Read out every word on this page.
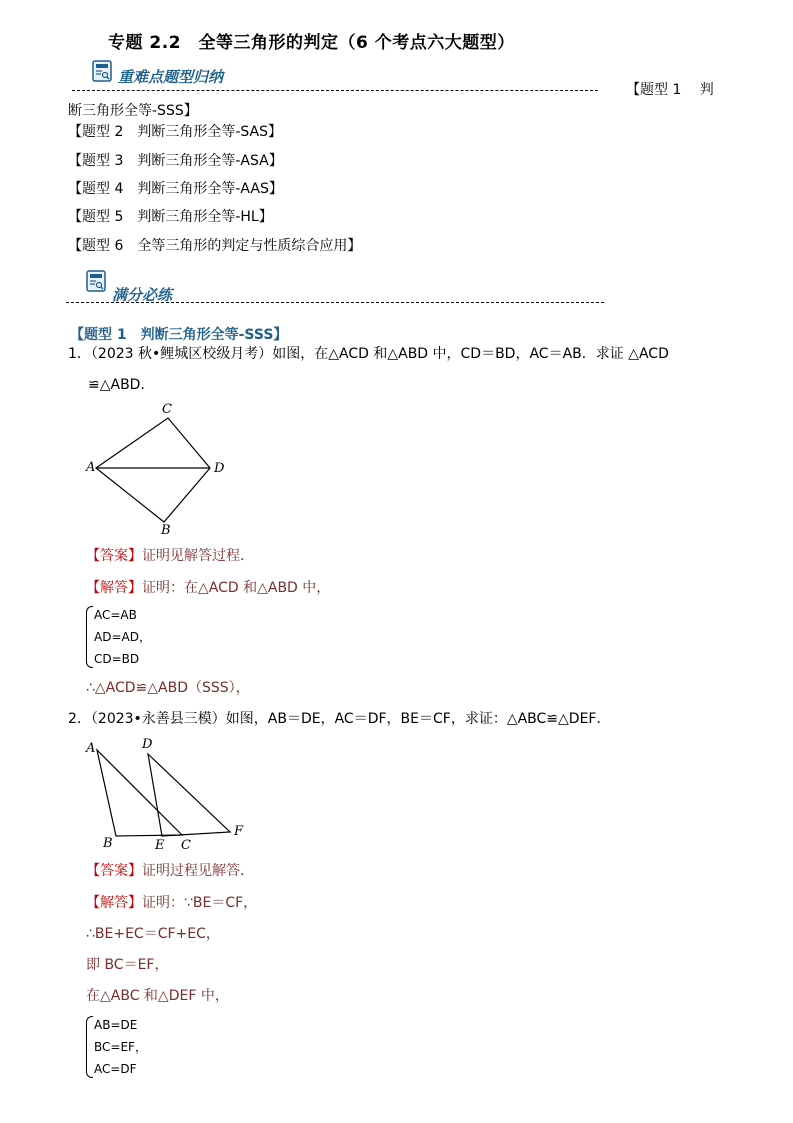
专题 2.2　全等三角形的判定（6 个考点六大题型）
重难点题型归纳
【题型 1　 判
断三角形全等-SSS】
【题型 2　判断三角形全等-SAS】
【题型 3　判断三角形全等-ASA】
【题型 4　判断三角形全等-AAS】
【题型 5　判断三角形全等-HL】
【题型 6　全等三角形的判定与性质综合应用】
满分必练
【题型 1　判断三角形全等-SSS】
1．（2023 秋•鲤城区校级月考）如图，在△ACD 和△ABD 中，CD＝BD，AC＝AB．求证 △ACD
≌△ABD．
C
A	D
B
【答案】证明见解答过程．
【解答】证明：在△ACD 和△ABD 中，
AC=AB
AD=AD，
CD=BD
∴△ACD≌△ABD（SSS），
2．（2023•永善县三模）如图，AB＝DE，AC＝DF，BE＝CF，求证：△ABC≌△DEF．
A	D
B	E C
F
【答案】证明过程见解答．
【解答】证明：∵BE＝CF，
∴BE+EC＝CF+EC，
即 BC＝EF，
在△ABC 和△DEF 中，
AB=DE
BC=EF，
AC=DF
